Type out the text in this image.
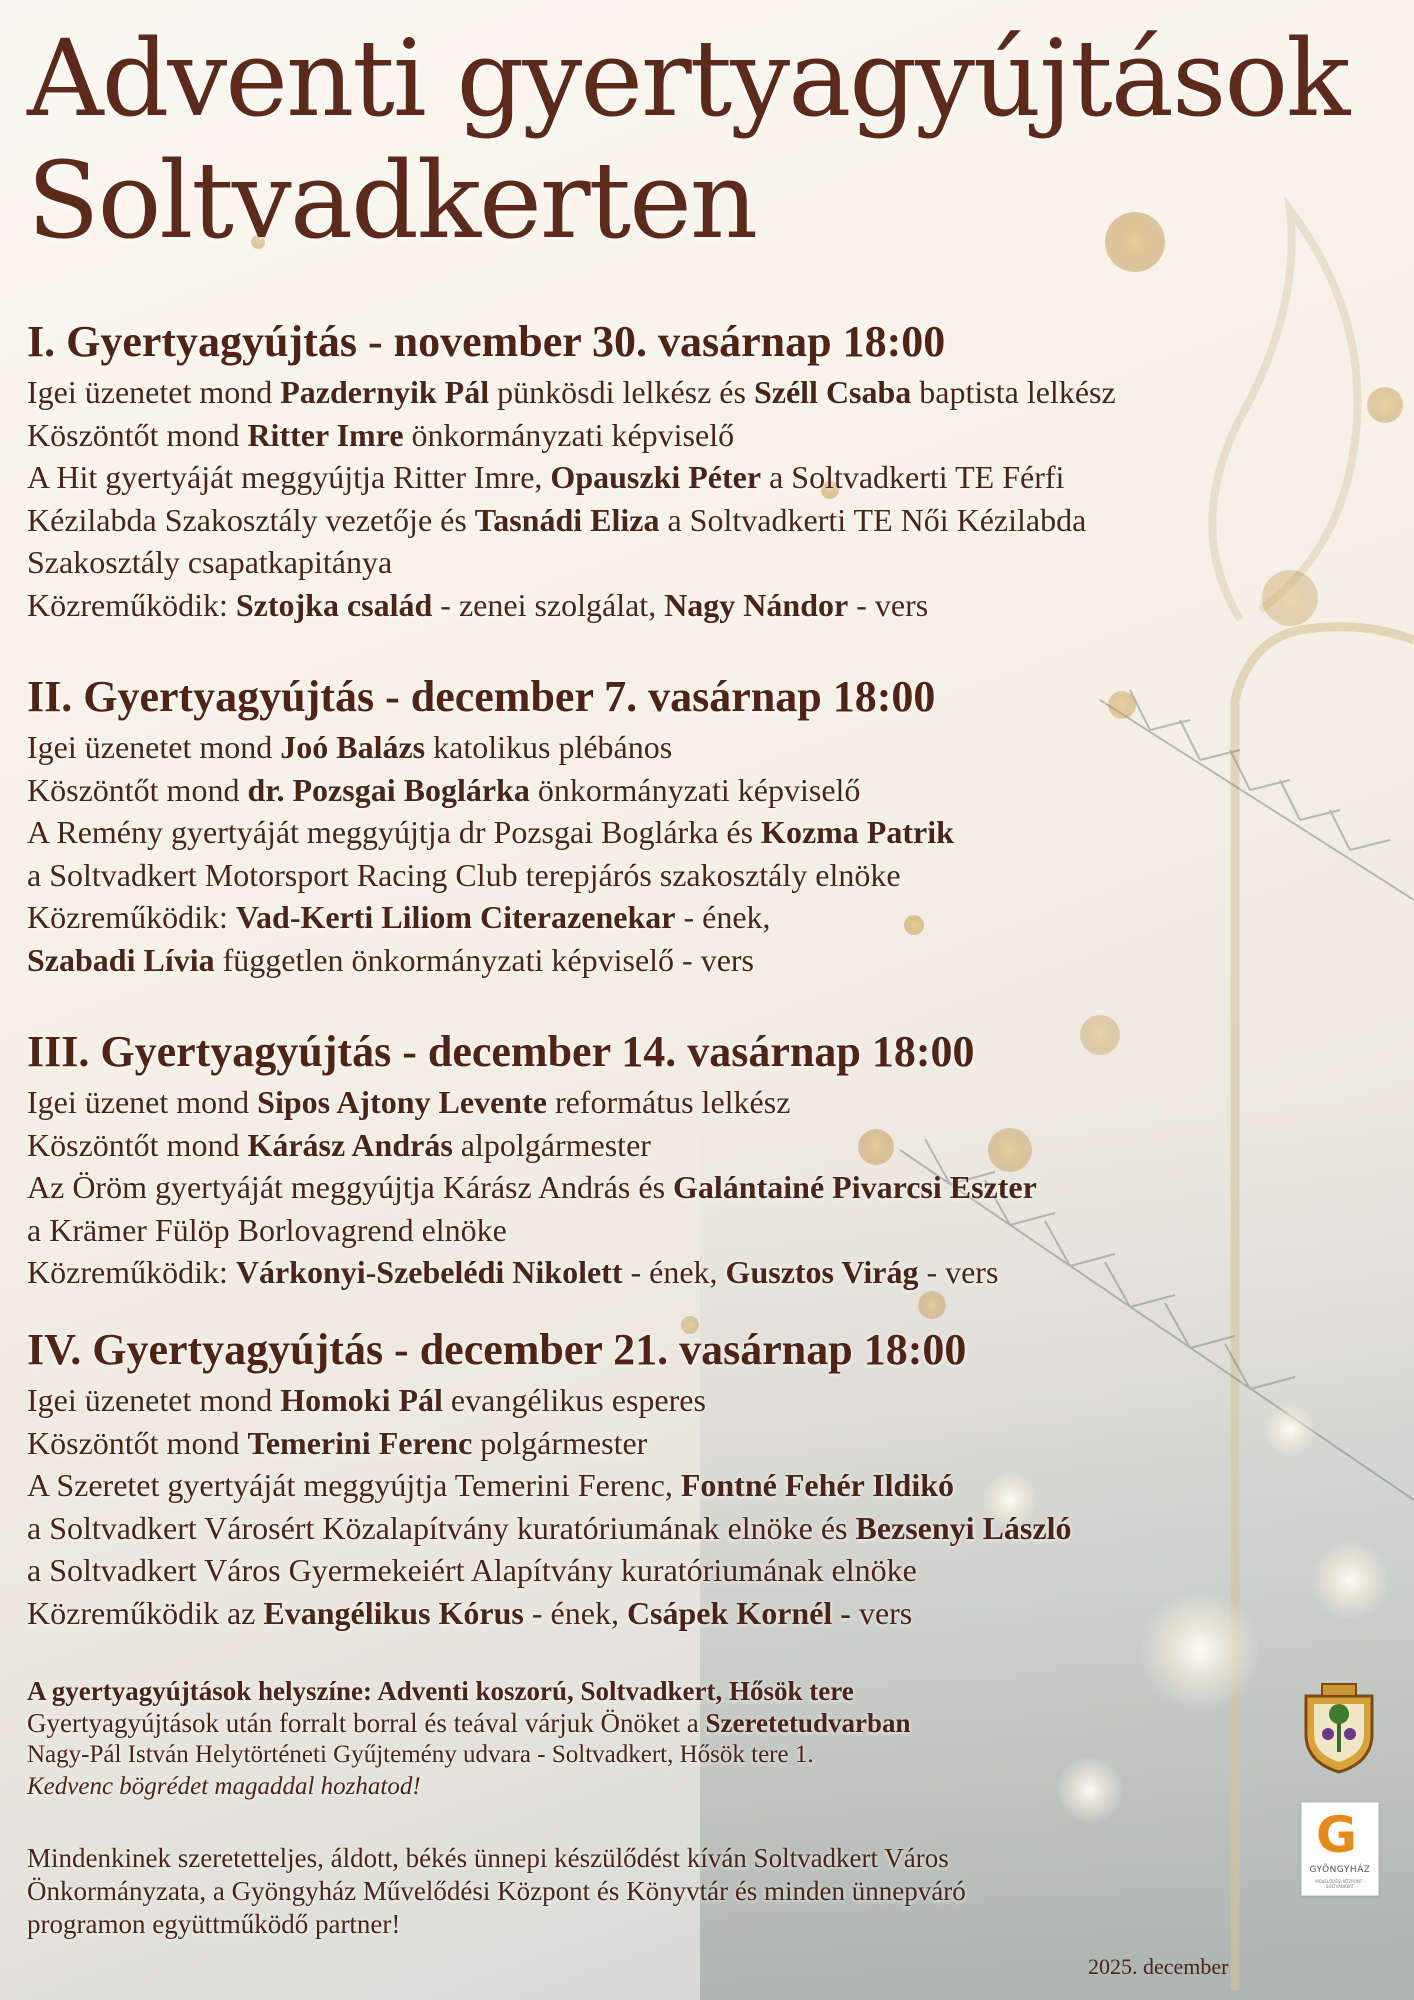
Adventi gyertyagyújtások
Soltvadkerten
I. Gyertyagyújtás - november 30. vasárnap 18:00
Igei üzenetet mond Pazdernyik Pál pünkösdi lelkész és Széll Csaba baptista lelkész
Köszöntőt mond Ritter Imre önkormányzati képviselő
A Hit gyertyáját meggyújtja Ritter Imre, Opauszki Péter a Soltvadkerti TE Férfi
Kézilabda Szakosztály vezetője és Tasnádi Eliza a Soltvadkerti TE Női Kézilabda
Szakosztály csapatkapitánya
Közreműködik: Sztojka család - zenei szolgálat, Nagy Nándor - vers
II. Gyertyagyújtás - december 7. vasárnap 18:00
Igei üzenetet mond Joó Balázs katolikus plébános
Köszöntőt mond dr. Pozsgai Boglárka önkormányzati képviselő
A Remény gyertyáját meggyújtja dr Pozsgai Boglárka és Kozma Patrik
a Soltvadkert Motorsport Racing Club terepjárós szakosztály elnöke
Közreműködik: Vad-Kerti Liliom Citerazenekar - ének,
Szabadi Lívia független önkormányzati képviselő - vers
III. Gyertyagyújtás - december 14. vasárnap 18:00
Igei üzenet mond Sipos Ajtony Levente református lelkész
Köszöntőt mond Kárász András alpolgármester
Az Öröm gyertyáját meggyújtja Kárász András és Galántainé Pivarcsi Eszter
a Krämer Fülöp Borlovagrend elnöke
Közreműködik: Várkonyi-Szebelédi Nikolett - ének, Gusztos Virág - vers
IV. Gyertyagyújtás - december 21. vasárnap 18:00
Igei üzenetet mond Homoki Pál evangélikus esperes
Köszöntőt mond Temerini Ferenc polgármester
A Szeretet gyertyáját meggyújtja Temerini Ferenc, Fontné Fehér Ildikó
a Soltvadkert Városért Közalapítvány kuratóriumának elnöke és Bezsenyi László
a Soltvadkert Város Gyermekeiért Alapítvány kuratóriumának elnöke
Közreműködik az Evangélikus Kórus - ének, Csápek Kornél - vers
A gyertyagyújtások helyszíne: Adventi koszorú, Soltvadkert, Hősök tere
Gyertyagyújtások után forralt borral és teával várjuk Önöket a Szeretetudvarban
Nagy-Pál István Helytörténeti Gyűjtemény udvara - Soltvadkert, Hősök tere 1.
Kedvenc bögrédet magaddal hozhatod!
Mindenkinek szeretetteljes, áldott, békés ünnepi készülődést kíván Soltvadkert Város
Önkormányzata, a Gyöngyház Művelődési Központ és Könyvtár és minden ünnepváró
programon együttműködő partner!
2025. december
G
GYÖNGYHÁZ
MŰVELŐDÉSI KÖZPONT · SOLTVADKERT
